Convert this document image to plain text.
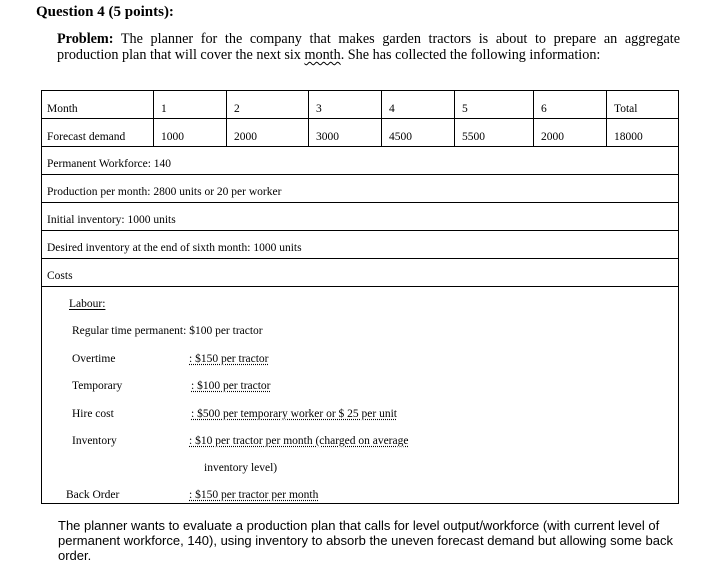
Question 4 (5 points):
Problem: The planner for the company that makes garden tractors is about to prepare an aggregate production plan that will cover the next six month. She has collected the following information:
Month	1	2	3	4	5	6	Total
Forecast demand	1000	2000	3000	4500	5500	2000	18000
Permanent Workforce: 140
Production per month: 2800 units or 20 per worker
Initial inventory: 1000 units
Desired inventory at the end of sixth month: 1000 units
Costs
Labour:
Regular time permanent: $100 per tractor
Overtime	: $150 per tractor
Temporary	: $100 per tractor
Hire cost	: $500 per temporary worker or $ 25 per unit
Inventory	: $10 per tractor per month (charged on average
inventory level)
Back Order	: $150 per tractor per month
The planner wants to evaluate a production plan that calls for level output/workforce (with current level of permanent workforce, 140), using inventory to absorb the uneven forecast demand but allowing some back order.
